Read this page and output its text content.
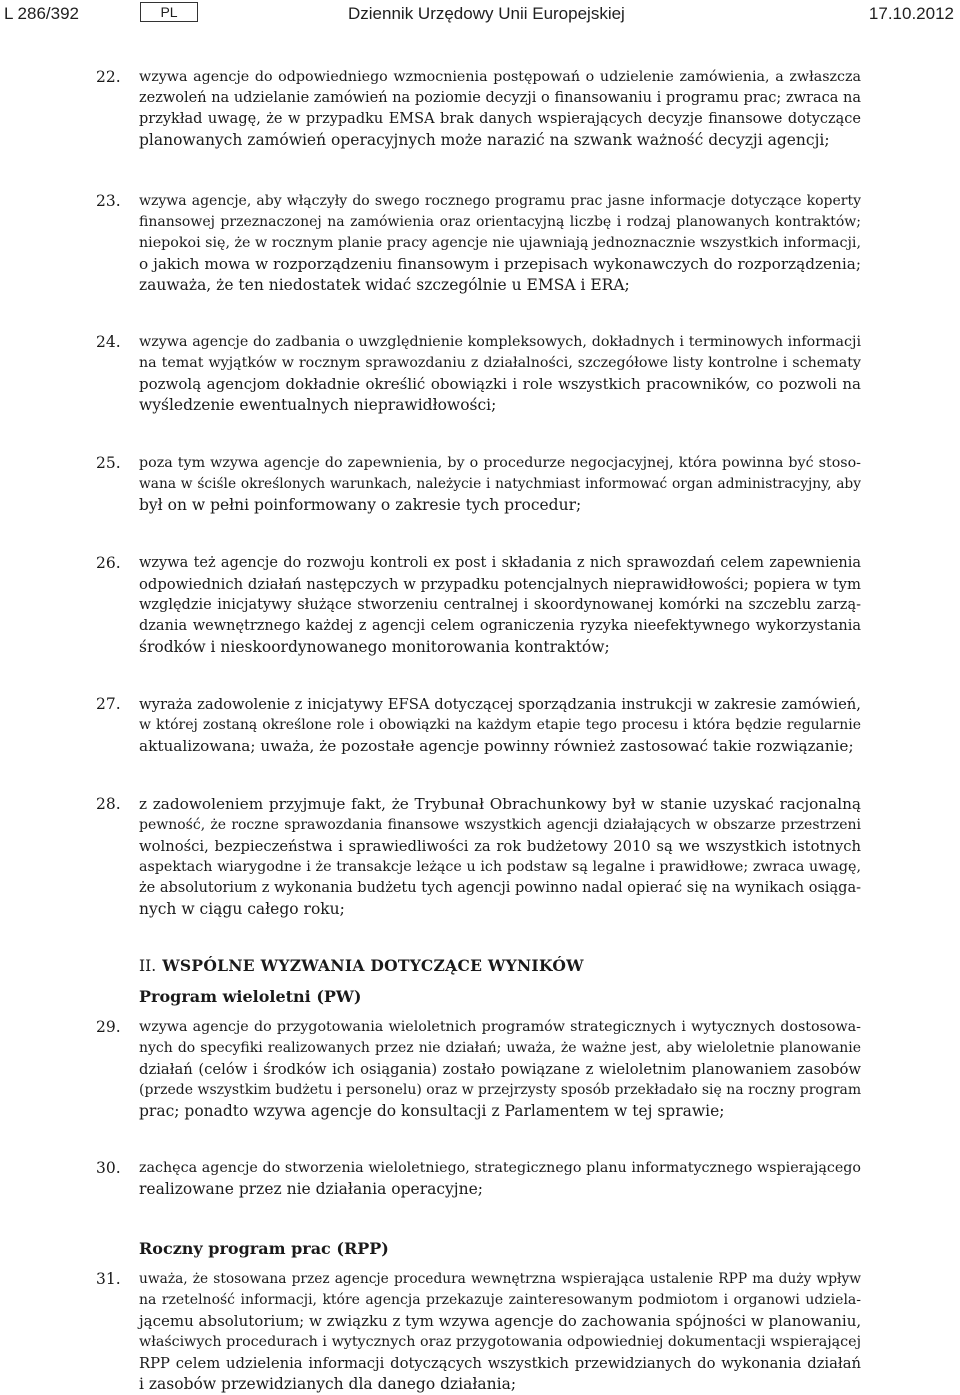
L 286/392	PL	Dziennik Urzędowy Unii Europejskiej	17.10.2012
22. wzywa agencje do odpowiedniego wzmocnienia postępowań o udzielenie zamówienia, a zwłaszcza
zezwoleń na udzielanie zamówień na poziomie decyzji o finansowaniu i programu prac; zwraca na
przykład uwagę, że w przypadku EMSA brak danych wspierających decyzje finansowe dotyczące
planowanych zamówień operacyjnych może narazić na szwank ważność decyzji agencji;
23. wzywa agencje, aby włączyły do swego rocznego programu prac jasne informacje dotyczące koperty
finansowej przeznaczonej na zamówienia oraz orientacyjną liczbę i rodzaj planowanych kontraktów;
niepokoi się, że w rocznym planie pracy agencje nie ujawniają jednoznacznie wszystkich informacji,
o jakich mowa w rozporządzeniu finansowym i przepisach wykonawczych do rozporządzenia;
zauważa, że ten niedostatek widać szczególnie u EMSA i ERA;
24. wzywa agencje do zadbania o uwzględnienie kompleksowych, dokładnych i terminowych informacji
na temat wyjątków w rocznym sprawozdaniu z działalności, szczegółowe listy kontrolne i schematy
pozwolą agencjom dokładnie określić obowiązki i role wszystkich pracowników, co pozwoli na
wyśledzenie ewentualnych nieprawidłowości;
25. poza tym wzywa agencje do zapewnienia, by o procedurze negocjacyjnej, która powinna być stoso-
wana w ściśle określonych warunkach, należycie i natychmiast informować organ administracyjny, aby
był on w pełni poinformowany o zakresie tych procedur;
26. wzywa też agencje do rozwoju kontroli ex post i składania z nich sprawozdań celem zapewnienia
odpowiednich działań następczych w przypadku potencjalnych nieprawidłowości; popiera w tym
względzie inicjatywy służące stworzeniu centralnej i skoordynowanej komórki na szczeblu zarzą-
dzania wewnętrznego każdej z agencji celem ograniczenia ryzyka nieefektywnego wykorzystania
środków i nieskoordynowanego monitorowania kontraktów;
27. wyraża zadowolenie z inicjatywy EFSA dotyczącej sporządzania instrukcji w zakresie zamówień,
w której zostaną określone role i obowiązki na każdym etapie tego procesu i która będzie regularnie
aktualizowana; uważa, że pozostałe agencje powinny również zastosować takie rozwiązanie;
28. z zadowoleniem przyjmuje fakt, że Trybunał Obrachunkowy był w stanie uzyskać racjonalną
pewność, że roczne sprawozdania finansowe wszystkich agencji działających w obszarze przestrzeni
wolności, bezpieczeństwa i sprawiedliwości za rok budżetowy 2010 są we wszystkich istotnych
aspektach wiarygodne i że transakcje leżące u ich podstaw są legalne i prawidłowe; zwraca uwagę,
że absolutorium z wykonania budżetu tych agencji powinno nadal opierać się na wynikach osiąga-
nych w ciągu całego roku;
II. WSPÓLNE WYZWANIA DOTYCZĄCE WYNIKÓW
Program wieloletni (PW)
29. wzywa agencje do przygotowania wieloletnich programów strategicznych i wytycznych dostosowa-
nych do specyfiki realizowanych przez nie działań; uważa, że ważne jest, aby wieloletnie planowanie
działań (celów i środków ich osiągania) zostało powiązane z wieloletnim planowaniem zasobów
(przede wszystkim budżetu i personelu) oraz w przejrzysty sposób przekładało się na roczny program
prac; ponadto wzywa agencje do konsultacji z Parlamentem w tej sprawie;
30. zachęca agencje do stworzenia wieloletniego, strategicznego planu informatycznego wspierającego
realizowane przez nie działania operacyjne;
Roczny program prac (RPP)
31. uważa, że stosowana przez agencje procedura wewnętrzna wspierająca ustalenie RPP ma duży wpływ
na rzetelność informacji, które agencja przekazuje zainteresowanym podmiotom i organowi udziela-
jącemu absolutorium; w związku z tym wzywa agencje do zachowania spójności w planowaniu,
właściwych procedurach i wytycznych oraz przygotowania odpowiedniej dokumentacji wspierającej
RPP celem udzielenia informacji dotyczących wszystkich przewidzianych do wykonania działań
i zasobów przewidzianych dla danego działania;
